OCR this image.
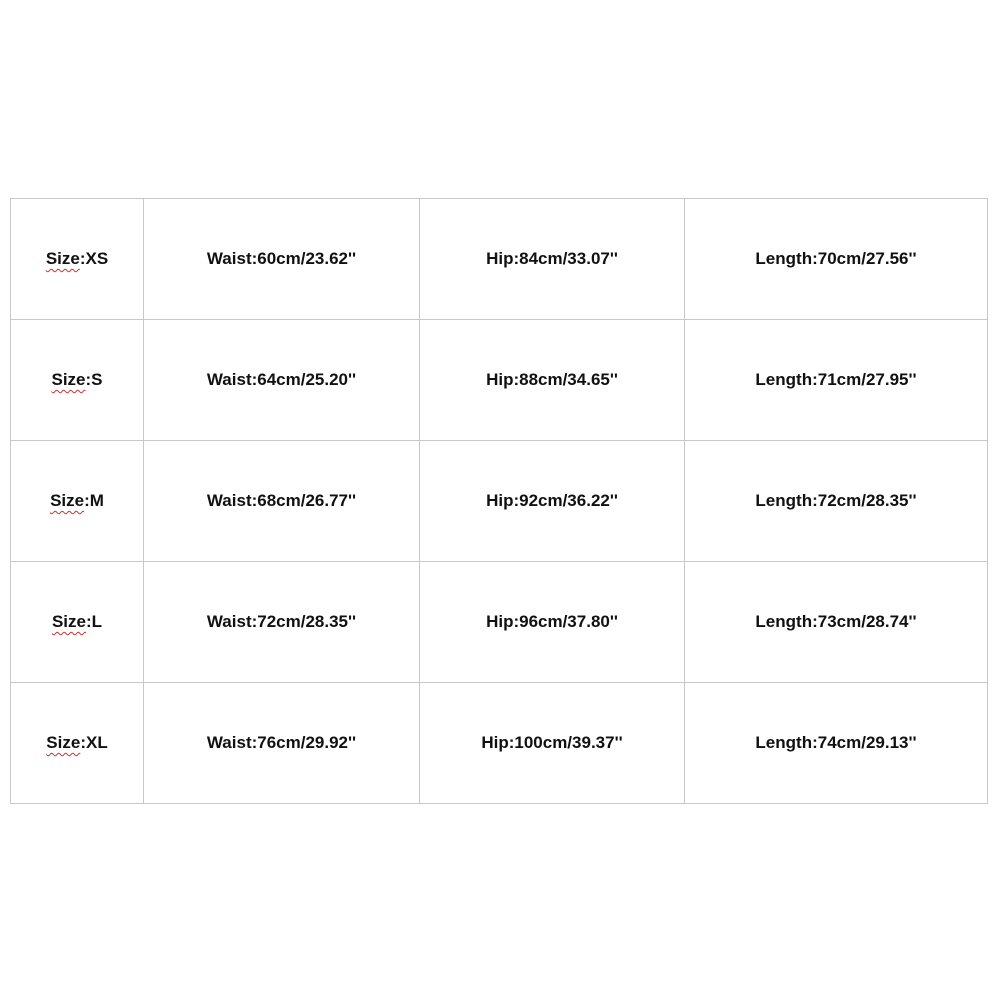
Size:XS	Waist:60cm/23.62''	Hip:84cm/33.07''	Length:70cm/27.56''
Size:S	Waist:64cm/25.20''	Hip:88cm/34.65''	Length:71cm/27.95''
Size:M	Waist:68cm/26.77''	Hip:92cm/36.22''	Length:72cm/28.35''
Size:L	Waist:72cm/28.35''	Hip:96cm/37.80''	Length:73cm/28.74''
Size:XL	Waist:76cm/29.92''	Hip:100cm/39.37''	Length:74cm/29.13''
